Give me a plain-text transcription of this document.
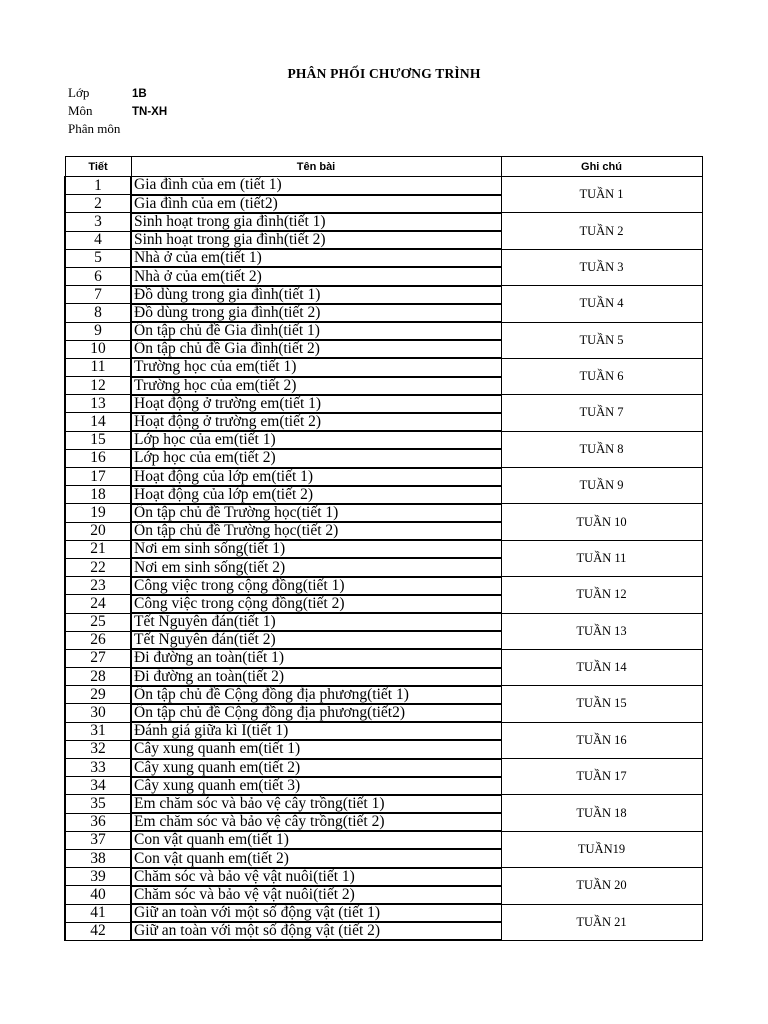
PHÂN PHỐI CHƯƠNG TRÌNH
Lớp	1B
Môn	TN-XH
Phân môn
Tiết	Tên bài	Ghi chú
1	Gia đình của em (tiết 1)	TUẦN 1
2	Gia đình của em (tiết2)	
3	Sinh hoạt trong gia đình(tiết 1)	TUẦN 2
4	Sinh hoạt trong gia đình(tiết 2)	
5	Nhà ở của em(tiết 1)	TUẦN 3
6	Nhà ở của em(tiết 2)	
7	Đồ dùng trong gia đình(tiết 1)	TUẦN 4
8	Đồ dùng trong gia đình(tiết 2)	
9	Ôn tập chủ đề Gia đình(tiết 1)	TUẦN 5
10	Ôn tập chủ đề Gia đình(tiết 2)	
11	Trường học của em(tiết 1)	TUẦN 6
12	Trường học của em(tiết 2)	
13	Hoạt động ở trường em(tiết 1)	TUẦN 7
14	Hoạt động ở trường em(tiết 2)	
15	Lớp học của em(tiết 1)	TUẦN 8
16	Lớp học của em(tiết 2)	
17	Hoạt động của lớp em(tiết 1)	TUẦN 9
18	Hoạt động của lớp em(tiết 2)	
19	Ôn tập chủ đề Trường học(tiết 1)	TUẦN 10
20	Ôn tập chủ đề Trường học(tiết 2)	
21	Nơi em sinh sống(tiết 1)	TUẦN 11
22	Nơi em sinh sống(tiết 2)	
23	Công việc trong cộng đồng(tiết 1)	TUẦN 12
24	Công việc trong cộng đồng(tiết 2)	
25	Tết Nguyên đán(tiết 1)	TUẦN 13
26	Tết Nguyên đán(tiết 2)	
27	Đi đường an toàn(tiết 1)	TUẦN 14
28	Đi đường an toàn(tiết 2)	
29	Ôn tập chủ đề Cộng đồng địa phương(tiết 1)	TUẦN 15
30	Ôn tập chủ đề Cộng đồng địa phương(tiết2)	
31	Đánh giá giữa kì I(tiết 1)	TUẦN 16
32	Cây xung quanh em(tiết 1)	
33	Cây xung quanh em(tiết 2)	TUẦN 17
34	Cây xung quanh em(tiết 3)	
35	Em chăm sóc và bảo vệ cây trồng(tiết 1)	TUẦN 18
36	Em chăm sóc và bảo vệ cây trồng(tiết 2)	
37	Con vật quanh em(tiết 1)	TUẦN19
38	Con vật quanh em(tiết 2)	
39	Chăm sóc và bảo vệ vật nuôi(tiết 1)	TUẦN 20
40	Chăm sóc và bảo vệ vật nuôi(tiết 2)	
41	Giữ an toàn với một số động vật (tiết 1)	TUẦN 21
42	Giữ an toàn với một số động vật (tiết 2)	
